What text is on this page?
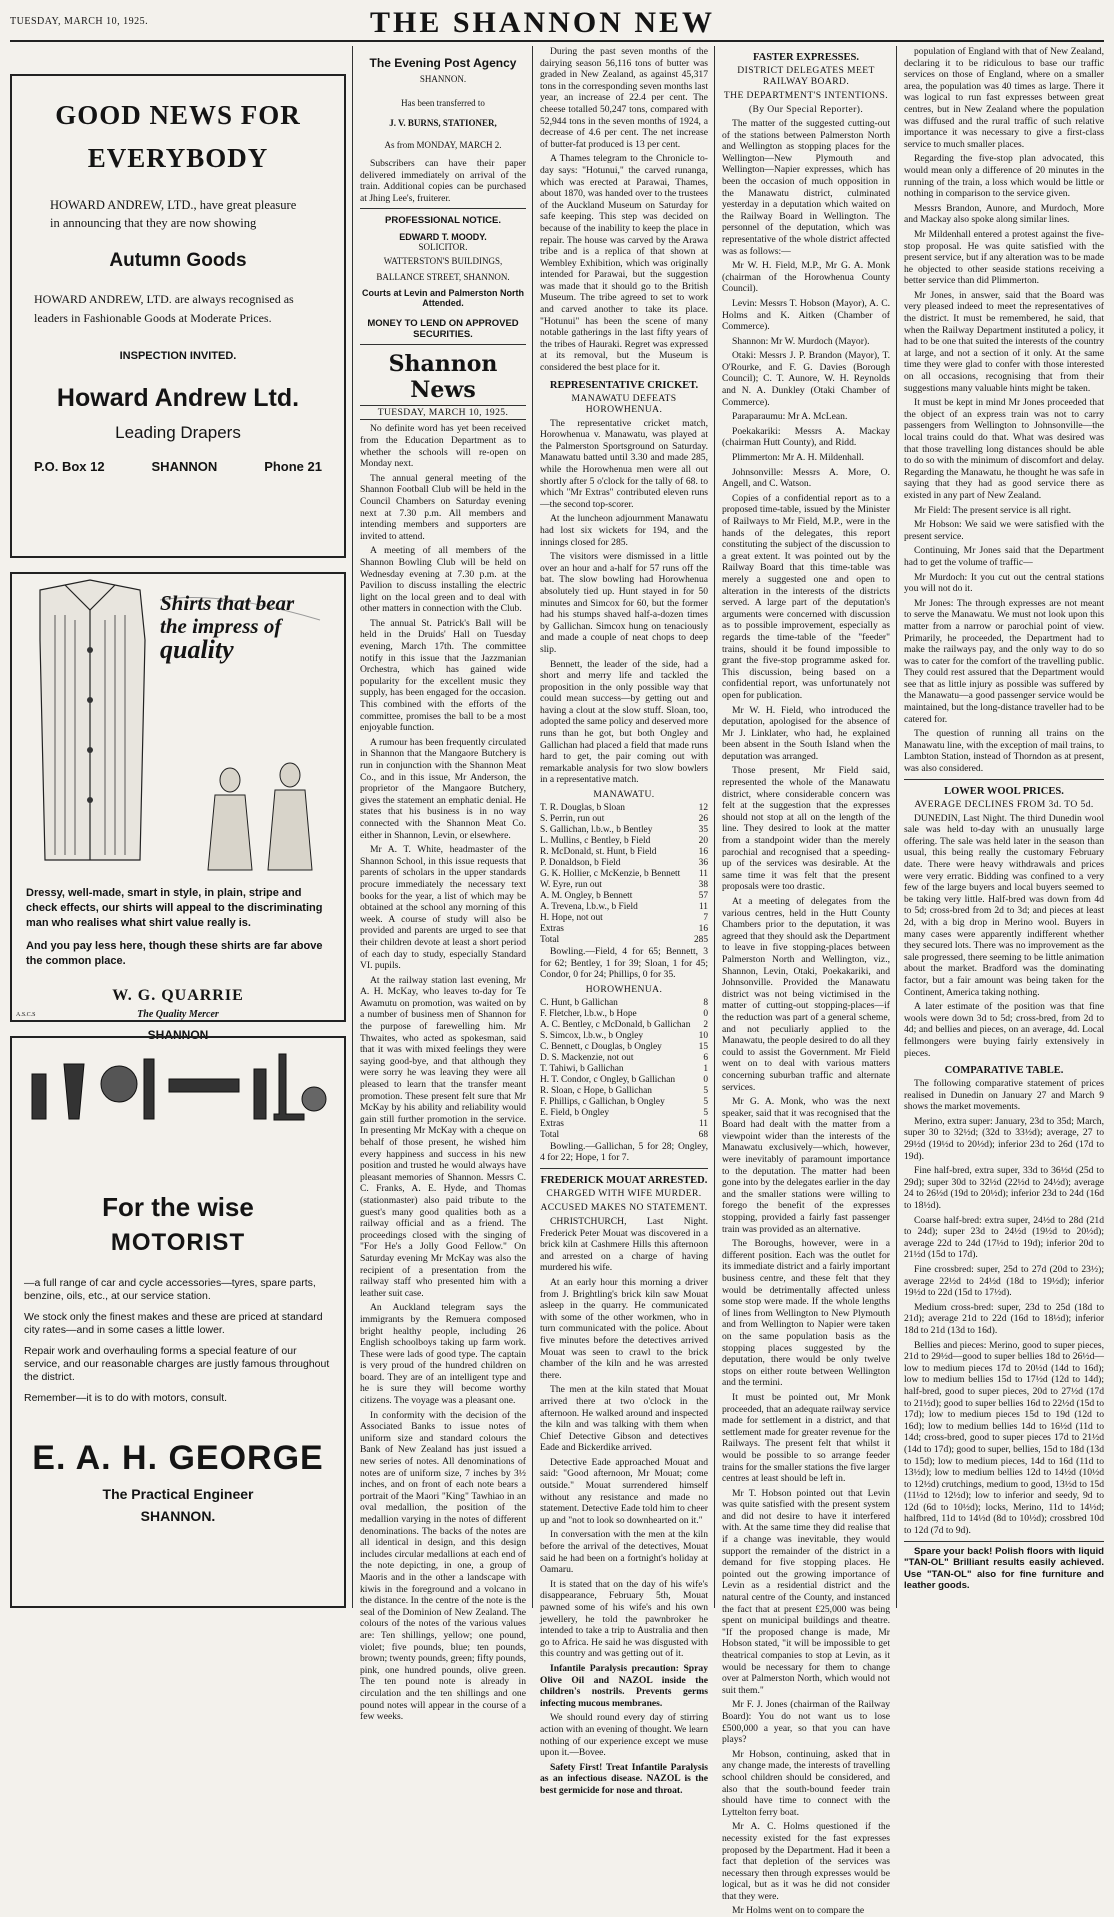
TUESDAY, MARCH 10, 1925.	THE SHANNON NEW
GOOD NEWS FOR
EVERYBODY
HOWARD ANDREW, LTD., have great pleasure in announcing that they are now showing
Autumn Goods
HOWARD ANDREW, LTD. are always recognised as leaders in Fashionable Goods at Moderate Prices.
INSPECTION INVITED.
Howard Andrew Ltd.
Leading Drapers
P.O. Box 12	SHANNON	Phone 21
Shirts that bear
the impress of
quality
Dressy, well-made, smart in style, in plain, stripe and check effects, our shirts will appeal to the discriminating man who realises what shirt value really is.
And you pay less here, though these shirts are far above the common place.
W. G. QUARRIE
The Quality Mercer
SHANNON
A.S.C.S
For the wise
MOTORIST
—a full range of car and cycle accessories—tyres, spare parts, benzine, oils, etc., at our service station.
We stock only the finest makes and these are priced at standard city rates—and in some cases a little lower.
Repair work and overhauling forms a special feature of our service, and our reasonable charges are justly famous throughout the district.
Remember—it is to do with motors, consult.
E. A. H. GEORGE
The Practical Engineer
SHANNON.
The Evening Post Agency
SHANNON.
Has been transferred to
J. V. BURNS, STATIONER,
As from MONDAY, MARCH 2.

Subscribers can have their paper delivered immediately on arrival of the train. Additional copies can be purchased at Jhing Lee's, fruiterer.

PROFESSIONAL NOTICE.
EDWARD T. MOODY.
SOLICITOR.
WATTERSTON'S BUILDINGS,
BALLANCE STREET, SHANNON.
Courts at Levin and Palmerston North Attended.
MONEY TO LEND ON APPROVED SECURITIES.
Shannon News
TUESDAY, MARCH 10, 1925.

No definite word has yet been received from the Education Department as to whether the schools will re-open on Monday next.

The annual general meeting of the Shannon Football Club will be held in the Council Chambers on Saturday evening next at 7.30 p.m. All members and intending members and supporters are invited to attend.

A meeting of all members of the Shannon Bowling Club will be held on Wednesday evening at 7.30 p.m. at the Pavilion to discuss installing the electric light on the local green and to deal with other matters in connection with the Club.

The annual St. Patrick's Ball will be held in the Druids' Hall on Tuesday evening, March 17th. The committee notify in this issue that the Jazzmanian Orchestra, which has gained wide popularity for the excellent music they supply, has been engaged for the occasion. This combined with the efforts of the committee, promises the ball to be a most enjoyable function.

A rumour has been frequently circulated in Shannon that the Mangaore Butchery is run in conjunction with the Shannon Meat Co., and in this issue, Mr Anderson, the proprietor of the Mangaore Butchery, gives the statement an emphatic denial. He states that his business is in no way connected with the Shannon Meat Co. either in Shannon, Levin, or elsewhere.

Mr A. T. White, headmaster of the Shannon School, in this issue requests that parents of scholars in the upper standards procure immediately the necessary text books for the year, a list of which may be obtained at the school any morning of this week. A course of study will also be provided and parents are urged to see that their children devote at least a short period of each day to study, especially Standard VI. pupils.

At the railway station last evening, Mr A. H. McKay, who leaves to-day for Te Awamutu on promotion, was waited on by a number of business men of Shannon for the purpose of farewelling him. Mr Thwaites, who acted as spokesman, said that it was with mixed feelings they were saying good-bye, and that although they were sorry he was leaving they were all pleased to learn that the transfer meant promotion. These present felt sure that Mr McKay by his ability and reliability would gain still further promotion in the service. In presenting Mr McKay with a cheque on behalf of those present, he wished him every happiness and success in his new position and trusted he would always have pleasant memories of Shannon. Messrs C. C. Franks, A. E. Hyde, and Thomas (stationmaster) also paid tribute to the guest's many good qualities both as a railway official and as a friend. The proceedings closed with the singing of "For He's a Jolly Good Fellow." On Saturday evening Mr McKay was also the recipient of a presentation from the railway staff who presented him with a leather suit case.

An Auckland telegram says the immigrants by the Remuera composed bright healthy people, including 26 English schoolboys taking up farm work. These were lads of good type. The captain is very proud of the hundred children on board. They are of an intelligent type and he is sure they will become worthy citizens. The voyage was a pleasant one.

In conformity with the decision of the Associated Banks to issue notes of uniform size and standard colours the Bank of New Zealand has just issued a new series of notes. All denominations of notes are of uniform size, 7 inches by 3½ inches, and on front of each note bears a portrait of the Maori "King" Tawhiao in an oval medallion, the position of the medallion varying in the notes of different denominations. The backs of the notes are all identical in design, and this design includes circular medallions at each end of the note depicting, in one, a group of Maoris and in the other a landscape with kiwis in the foreground and a volcano in the distance. In the centre of the note is the seal of the Dominion of New Zealand. The colours of the notes of the various values are: Ten shillings, yellow; one pound, violet; five pounds, blue; ten pounds, brown; twenty pounds, green; fifty pounds, pink, one hundred pounds, olive green. The ten pound note is already in circulation and the ten shillings and one pound notes will appear in the course of a few weeks.

During the past seven months of the dairying season 56,116 tons of butter was graded in New Zealand, as against 45,317 tons in the corresponding seven months last year, an increase of 22.4 per cent. The cheese totalled 50,247 tons, compared with 52,944 tons in the seven months of 1924, a decrease of 4.6 per cent. The net increase of butter-fat produced is 13 per cent.

A Thames telegram to the Chronicle to-day says: "Hotunui," the carved runanga, which was erected at Parawai, Thames, about 1870, was handed over to the trustees of the Auckland Museum on Saturday for safe keeping. This step was decided on because of the inability to keep the place in repair. The house was carved by the Arawa tribe and is a replica of that shown at Wembley Exhibition, which was originally intended for Parawai, but the suggestion was made that it should go to the British Museum. The tribe agreed to set to work and carved another to take its place. "Hotunui" has been the scene of many notable gatherings in the last fifty years of the tribes of Hauraki. Regret was expressed at its removal, but the Museum is considered the best place for it.

REPRESENTATIVE CRICKET.
MANAWATU DEFEATS HOROWHENUA.

The representative cricket match, Horowhenua v. Manawatu, was played at the Palmerston Sportsground on Saturday. Manawatu batted until 3.30 and made 285, while the Horowhenua men were all out shortly after 5 o'clock for the tally of 68. to which "Mr Extras" contributed eleven runs—the second top-scorer.

At the luncheon adjournment Manawatu had lost six wickets for 194, and the innings closed for 285.

The visitors were dismissed in a little over an hour and a-half for 57 runs off the bat. The slow bowling had Horowhenua absolutely tied up. Hunt stayed in for 50 minutes and Simcox for 60, but the former had his stumps shaved half-a-dozen times by Gallichan. Simcox hung on tenaciously and made a couple of neat chops to deep slip.

Bennett, the leader of the side, had a short and merry life and tackled the proposition in the only possible way that could mean success—by getting out and having a clout at the slow stuff. Sloan, too, adopted the same policy and deserved more runs than he got, but both Ongley and Gallichan had placed a field that made runs hard to get, the pair coming out with remarkable analysis for two slow bowlers in a representative match.

MANAWATU.
T. R. Douglas, b Sloan	12
S. Perrin, run out	26
S. Gallichan, l.b.w., b Bentley	35
L. Mullins, c Bentley, b Field	20
R. McDonald, st. Hunt, b Field	16
P. Donaldson, b Field	36
G. K. Hollier, c McKenzie, b Bennett 11
W. Eyre, run out	38
A. M. Ongley, b Bennett	57
A. Trevena, l.b.w., b Field	11
H. Hope, not out	7
Extras	16
Total	285

Bowling.—Field, 4 for 65; Bennett, 3 for 62; Bentley, 1 for 39; Sloan, 1 for 45; Condor, 0 for 24; Phillips, 0 for 35.

HOROWHENUA.
C. Hunt, b Gallichan	8
F. Fletcher, l.b.w., b Hope	0
A. C. Bentley, c McDonald, b Gallichan 2
S. Simcox, l.b.w., b Ongley	10
C. Bennett, c Douglas, b Ongley	15
D. S. Mackenzie, not out	6
T. Tahiwi, b Gallichan	1
H. T. Condor, c Ongley, b Gallichan	0
R. Sloan, c Hope, b Gallichan	5
F. Phillips, c Gallichan, b Ongley	5
E. Field, b Ongley	5
Extras	11
Total	68

Bowling.—Gallichan, 5 for 28; Ongley, 4 for 22; Hope, 1 for 7.

FREDERICK MOUAT ARRESTED.
CHARGED WITH WIFE MURDER.
ACCUSED MAKES NO STATEMENT.

CHRISTCHURCH, Last Night. Frederick Peter Mouat was discovered in a brick kiln at Cashmere Hills this afternoon and arrested on a charge of having murdered his wife.

At an early hour this morning a driver from J. Brightling's brick kiln saw Mouat asleep in the quarry. He communicated with some of the other workmen, who in turn communicated with the police. About five minutes before the detectives arrived Mouat was seen to crawl to the brick chamber of the kiln and he was arrested there.

The men at the kiln stated that Mouat arrived there at two o'clock in the afternoon. He walked around and inspected the kiln and was talking with them when Chief Detective Gibson and detectives Eade and Bickerdike arrived.

Detective Eade approached Mouat and said: "Good afternoon, Mr Mouat; come outside." Mouat surrendered himself without any resistance and made no statement. Detective Eade told him to cheer up and "not to look so downhearted on it."

In conversation with the men at the kiln before the arrival of the detectives, Mouat said he had been on a fortnight's holiday at Oamaru.

It is stated that on the day of his wife's disappearance, February 5th, Mouat pawned some of his wife's and his own jewellery, he told the pawnbroker he intended to take a trip to Australia and then go to Africa. He said he was disgusted with this country and was getting out of it.

Infantile Paralysis precaution: Spray Olive Oil and NAZOL inside the children's nostrils. Prevents germs infecting mucous membranes.

We should round every day of stirring action with an evening of thought. We learn nothing of our experience except we muse upon it.—Bovee.

Safety First! Treat Infantile Paralysis as an infectious disease. NAZOL is the best germicide for nose and throat.

FASTER EXPRESSES.
DISTRICT DELEGATES MEET RAILWAY BOARD.
THE DEPARTMENT'S INTENTIONS.
(By Our Special Reporter).

The matter of the suggested cutting-out of the stations between Palmerston North and Wellington as stopping places for the Wellington—New Plymouth and Wellington—Napier expresses, which has been the occasion of much opposition in the Manawatu district, culminated yesterday in a deputation which waited on the Railway Board in Wellington. The personnel of the deputation, which was representative of the whole district affected was as follows:—

Mr W. H. Field, M.P., Mr G. A. Monk (chairman of the Horowhenua County Council).

Levin: Messrs T. Hobson (Mayor), A. C. Holms and K. Aitken (Chamber of Commerce).

Shannon: Mr W. Murdoch (Mayor).

Otaki: Messrs J. P. Brandon (Mayor), T. O'Rourke, and F. G. Davies (Borough Council); C. T. Aunore, W. H. Reynolds and N. A. Dunkley (Otaki Chamber of Commerce).

Paraparaumu: Mr A. McLean.

Poekakariki: Messrs A. Mackay (chairman Hutt County), and Ridd.

Plimmerton: Mr A. H. Mildenhall.

Johnsonville: Messrs A. More, O. Angell, and C. Watson.

Copies of a confidential report as to a proposed time-table, issued by the Minister of Railways to Mr Field, M.P., were in the hands of the delegates, this report constituting the subject of the discussion to a great extent. It was pointed out by the Railway Board that this time-table was merely a suggested one and open to alteration in the interests of the districts served. A large part of the deputation's arguments were concerned with discussion as to possible improvement, especially as regards the time-table of the "feeder" trains, should it be found impossible to grant the five-stop programme asked for. This discussion, being based on a confidential report, was unfortunately not open for publication.

Mr W. H. Field, who introduced the deputation, apologised for the absence of Mr J. Linklater, who had, he explained been absent in the South Island when the deputation was arranged.

Those present, Mr Field said, represented the whole of the Manawatu district, where considerable concern was felt at the suggestion that the expresses should not stop at all on the length of the line. They desired to look at the matter from a standpoint wider than the merely parochial and recognised that a speeding-up of the services was desirable. At the same time it was felt that the present proposals were too drastic.

At a meeting of delegates from the various centres, held in the Hutt County Chambers prior to the deputation, it was agreed that they should ask the Department to leave in five stopping-places between Palmerston North and Wellington, viz., Shannon, Levin, Otaki, Poekakariki, and Johnsonville. Provided the Manawatu district was not being victimised in the matter of cutting-out stopping-places—if the reduction was part of a general scheme, and not peculiarly applied to the Manawatu, the people desired to do all they could to assist the Government. Mr Field went on to deal with various matters concerning suburban traffic and alternate services.

Mr G. A. Monk, who was the next speaker, said that it was recognised that the Board had dealt with the matter from a viewpoint wider than the interests of the Manawatu exclusively—which, however, were inevitably of paramount importance to the deputation. The matter had been gone into by the delegates earlier in the day and the smaller stations were willing to forego the benefit of the expresses stopping, provided a fairly fast passenger train was provided as an alternative.

The Boroughs, however, were in a different position. Each was the outlet for its immediate district and a fairly important business centre, and these felt that they would be detrimentally affected unless some stop were made. If the whole lengths of lines from Wellington to New Plymouth and from Wellington to Napier were taken on the same population basis as the stopping places suggested by the deputation, there would be only twelve stops on either route between Wellington and the termini.

It must be pointed out, Mr Monk proceeded, that an adequate railway service made for settlement in a district, and that settlement made for greater revenue for the Railways. The present felt that whilst it would be possible to so arrange feeder trains for the smaller stations the five larger centres at least should be left in.

Mr T. Hobson pointed out that Levin was quite satisfied with the present system and did not desire to have it interfered with. At the same time they did realise that if a change was inevitable, they would support the remainder of the district in a demand for five stopping places. He pointed out the growing importance of Levin as a residential district and the natural centre of the County, and instanced the fact that at present £25,000 was being spent on municipal buildings and theatre. "If the proposed change is made, Mr Hobson stated, "it will be impossible to get theatrical companies to stop at Levin, as it would be necessary for them to change over at Palmerston North, which would not suit them."

Mr F. J. Jones (chairman of the Railway Board): You do not want us to lose £500,000 a year, so that you can have plays?

Mr Hobson, continuing, asked that in any change made, the interests of travelling school children should be considered, and also that the south-bound feeder train should have time to connect with the Lyttelton ferry boat.

Mr A. C. Holms questioned if the necessity existed for the fast expresses proposed by the Department. Had it been a fact that depletion of the services was necessary then through expresses would be logical, but as it was he did not consider that they were.

Mr Holms went on to compare the

population of England with that of New Zealand, declaring it to be ridiculous to base our traffic services on those of England, where on a smaller area, the population was 40 times as large. There it was logical to run fast expresses between great centres, but in New Zealand where the population was diffused and the rural traffic of such relative importance it was necessary to give a first-class service to much smaller places.

Regarding the five-stop plan advocated, this would mean only a difference of 20 minutes in the running of the train, a loss which would be little or nothing in comparison to the service given.

Messrs Brandon, Aunore, and Murdoch, More and Mackay also spoke along similar lines.

Mr Mildenhall entered a protest against the five-stop proposal. He was quite satisfied with the present service, but if any alteration was to be made he objected to other seaside stations receiving a better service than did Plimmerton.

Mr Jones, in answer, said that the Board was very pleased indeed to meet the representatives of the district. It must be remembered, he said, that when the Railway Department instituted a policy, it had to be one that suited the interests of the country at large, and not a section of it only. At the same time they were glad to confer with those interested on all occasions, recognising that from their suggestions many valuable hints might be taken.

It must be kept in mind Mr Jones proceeded that the object of an express train was not to carry passengers from Wellington to Johnsonville—the local trains could do that. What was desired was that those travelling long distances should be able to do so with the minimum of discomfort and delay. Regarding the Manawatu, he thought he was safe in saying that they had as good service there as existed in any part of New Zealand.

Mr Field: The present service is all right.

Mr Hobson: We said we were satisfied with the present service.

Continuing, Mr Jones said that the Department had to get the volume of traffic—

Mr Murdoch: It you cut out the central stations you will not do it.

Mr Jones: The through expresses are not meant to serve the Manawatu. We must not look upon this matter from a narrow or parochial point of view. Primarily, he proceeded, the Department had to make the railways pay, and the only way to do so was to cater for the comfort of the travelling public. They could rest assured that the Department would see that as little injury as possible was suffered by the Manawatu—a good passenger service would be maintained, but the long-distance traveller had to be catered for.

The question of running all trains on the Manawatu line, with the exception of mail trains, to Lambton Station, instead of Thorndon as at present, was also considered.

LOWER WOOL PRICES.
AVERAGE DECLINES FROM 3d. TO 5d.

DUNEDIN, Last Night. The third Dunedin wool sale was held to-day with an unusually large offering. The sale was held later in the season than usual, this being really the customary February date. There were heavy withdrawals and prices were very erratic. Bidding was confined to a very few of the large buyers and local buyers seemed to be taking very little. Half-bred was down from 4d to 5d; cross-bred from 2d to 3d; and pieces at least 2d, with a big drop in Merino wool. Buyers in many cases were apparently indifferent whether they secured lots. There was no improvement as the sale progressed, there seeming to be little animation about the market. Bradford was the dominating factor, but a fair amount was being taken for the Continent, America taking nothing.

A later estimate of the position was that fine wools were down 3d to 5d; cross-bred, from 2d to 4d; and bellies and pieces, on an average, 4d. Local fellmongers were buying fairly extensively in pieces.

COMPARATIVE TABLE.

The following comparative statement of prices realised in Dunedin on January 27 and March 9 shows the market movements.

Merino, extra super: January, 23d to 35d; March, super 30 to 32½d; (32d to 33½d); average, 27 to 29½d (19½d to 20½d); inferior 23d to 26d (17d to 19d).

Fine half-bred, extra super, 33d to 36½d (25d to 29d); super 30d to 32½d (22½d to 24½d); average 24 to 26½d (19d to 20½d); inferior 23d to 24d (16d to 18½d).

Coarse half-bred: extra super, 24½d to 28d (21d to 24d); super 23d to 24½d (19½d to 20½d); average 22d to 24d (17½d to 19d); inferior 20d to 21½d (15d to 17d).

Fine crossbred: super, 25d to 27d (20d to 23½); average 22½d to 24½d (18d to 19½d); inferior 19½d to 22d (15d to 17½d).

Medium cross-bred: super, 23d to 25d (18d to 21d); average 21d to 22d (16d to 18½d); inferior 18d to 21d (13d to 16d).

Bellies and pieces: Merino, good to super pieces, 21d to 29½d—good to super bellies 18d to 26½d—low to medium pieces 17d to 20½d (14d to 16d); low to medium bellies 15d to 17½d (12d to 14d); half-bred, good to super pieces, 20d to 27½d (17d to 21½d); good to super bellies 16d to 22½d (15d to 17d); low to medium pieces 15d to 19d (12d to 16d); low to medium bellies 14d to 16½d (11d to 14d; cross-bred, good to super pieces 17d to 21½d (14d to 17d); good to super, bellies, 15d to 18d (13d to 15d); low to medium pieces, 14d to 16d (11d to 13½d); low to medium bellies 12d to 14½d (10½d to 12½d) crutchings, medium to good, 13½d to 15d (11½d to 12½d); low to inferior and seedy, 9d to 12d (6d to 10½d); locks, Merino, 11d to 14½d; halfbred, 11d to 14½d (8d to 10½d); crossbred 10d to 12d (7d to 9d).

Spare your back! Polish floors with liquid "TAN-OL" Brilliant results easily achieved. Use "TAN-OL" also for fine furniture and leather goods.
